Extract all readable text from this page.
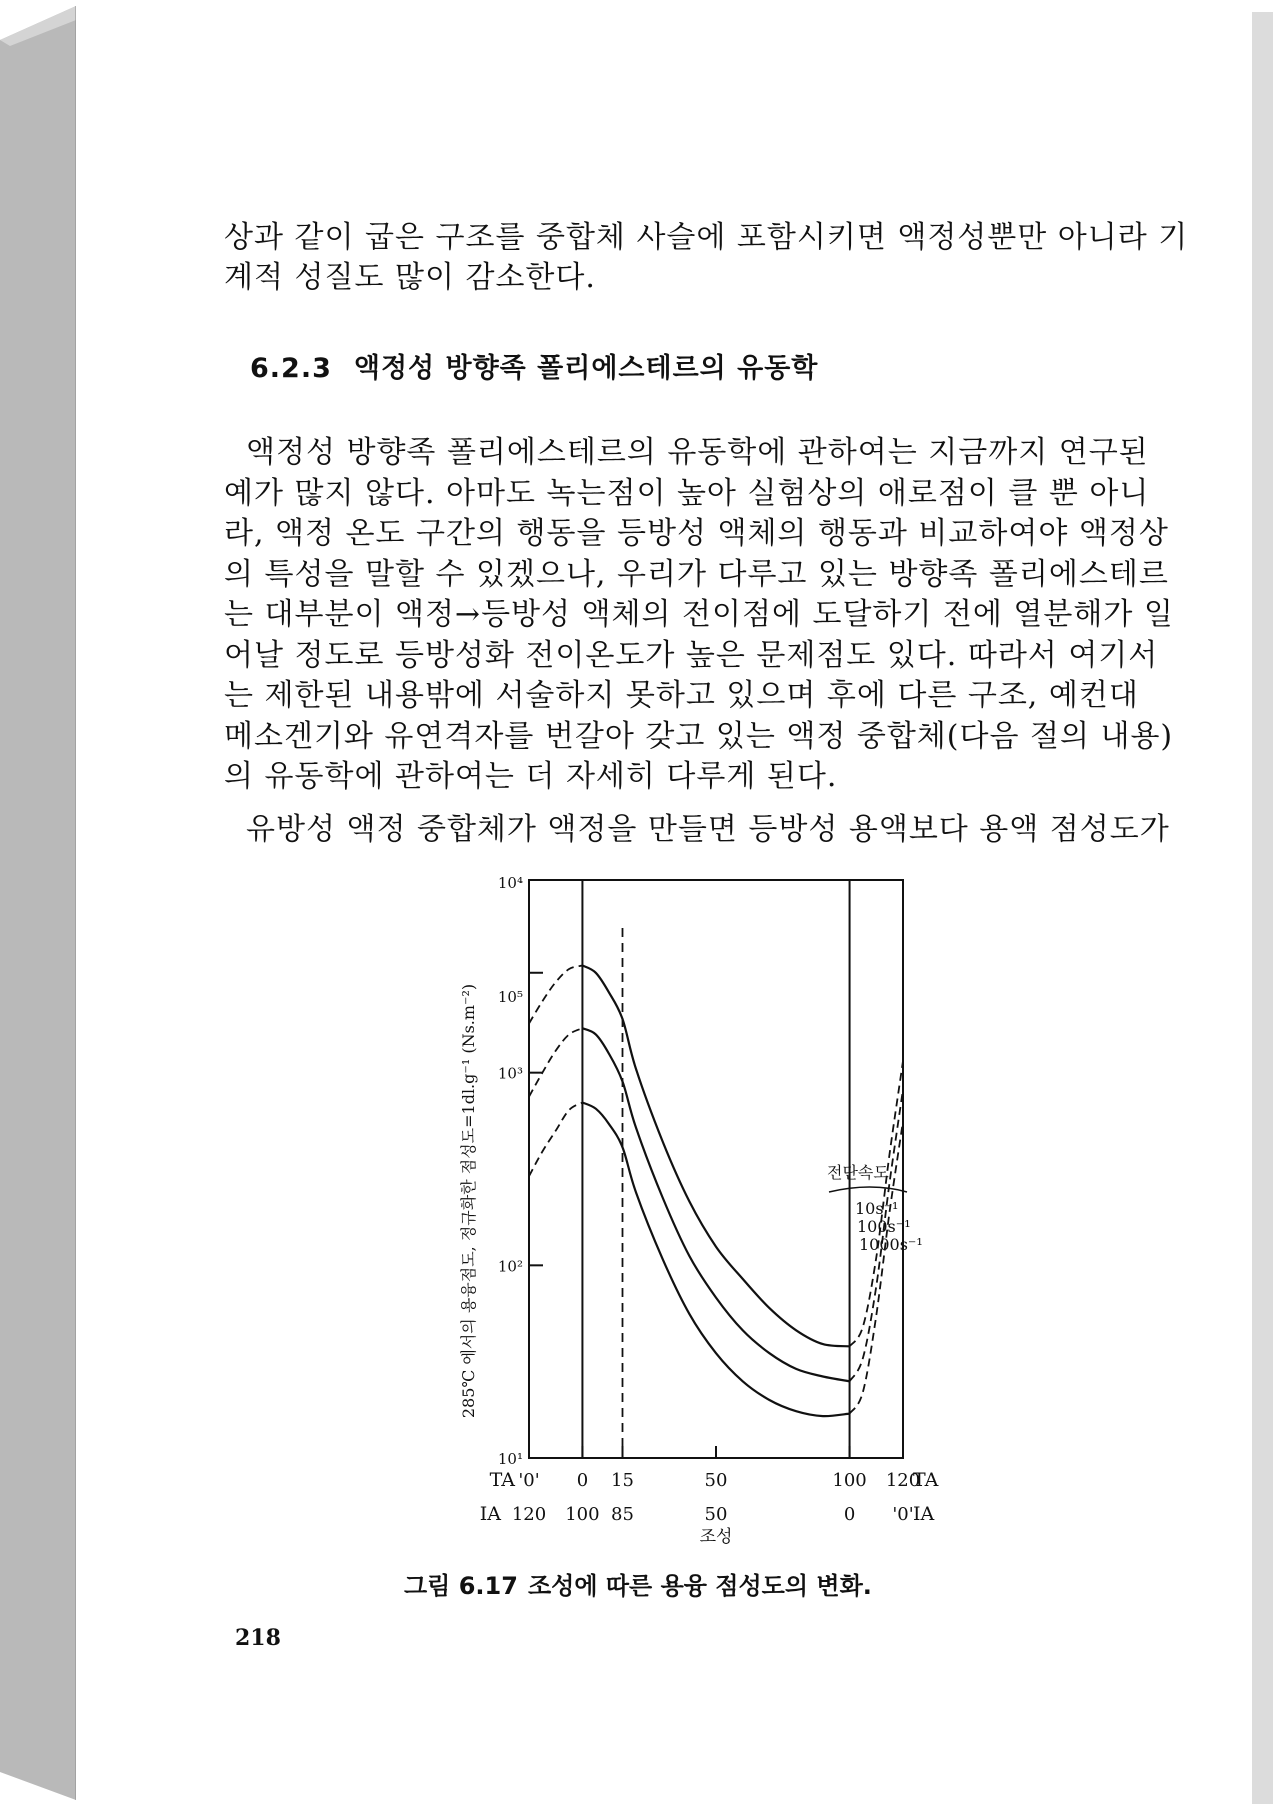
상과 같이 굽은 구조를 중합체 사슬에 포함시키면 액정성뿐만 아니라 기
계적 성질도 많이 감소한다.
6.2.3 액정성 방향족 폴리에스테르의 유동학
액정성 방향족 폴리에스테르의 유동학에 관하여는 지금까지 연구된
예가 많지 않다. 아마도 녹는점이 높아 실험상의 애로점이 클 뿐 아니
라, 액정 온도 구간의 행동을 등방성 액체의 행동과 비교하여야 액정상
의 특성을 말할 수 있겠으나, 우리가 다루고 있는 방향족 폴리에스테르
는 대부분이 액정→등방성 액체의 전이점에 도달하기 전에 열분해가 일
어날 정도로 등방성화 전이온도가 높은 문제점도 있다. 따라서 여기서
는 제한된 내용밖에 서술하지 못하고 있으며 후에 다른 구조, 예컨대
메소겐기와 유연격자를 번갈아 갖고 있는 액정 중합체(다음 절의 내용)
의 유동학에 관하여는 더 자세히 다루게 된다.
유방성 액정 중합체가 액정을 만들면 등방성 용액보다 용액 점성도가
10¹
10²
10³
10⁵
10⁴
TA	TA
IA	IA
'0' 0 15	50	100 120
120 100 85	50	0 '0'
조성
전단속도
10s⁻¹
100s⁻¹
1000s⁻¹
285℃ 에서의 용융점도, 정규화한 점성도=1dl.g⁻¹ (Ns.m⁻²)

그림 6.17 조성에 따른 용융 점성도의 변화.

218
